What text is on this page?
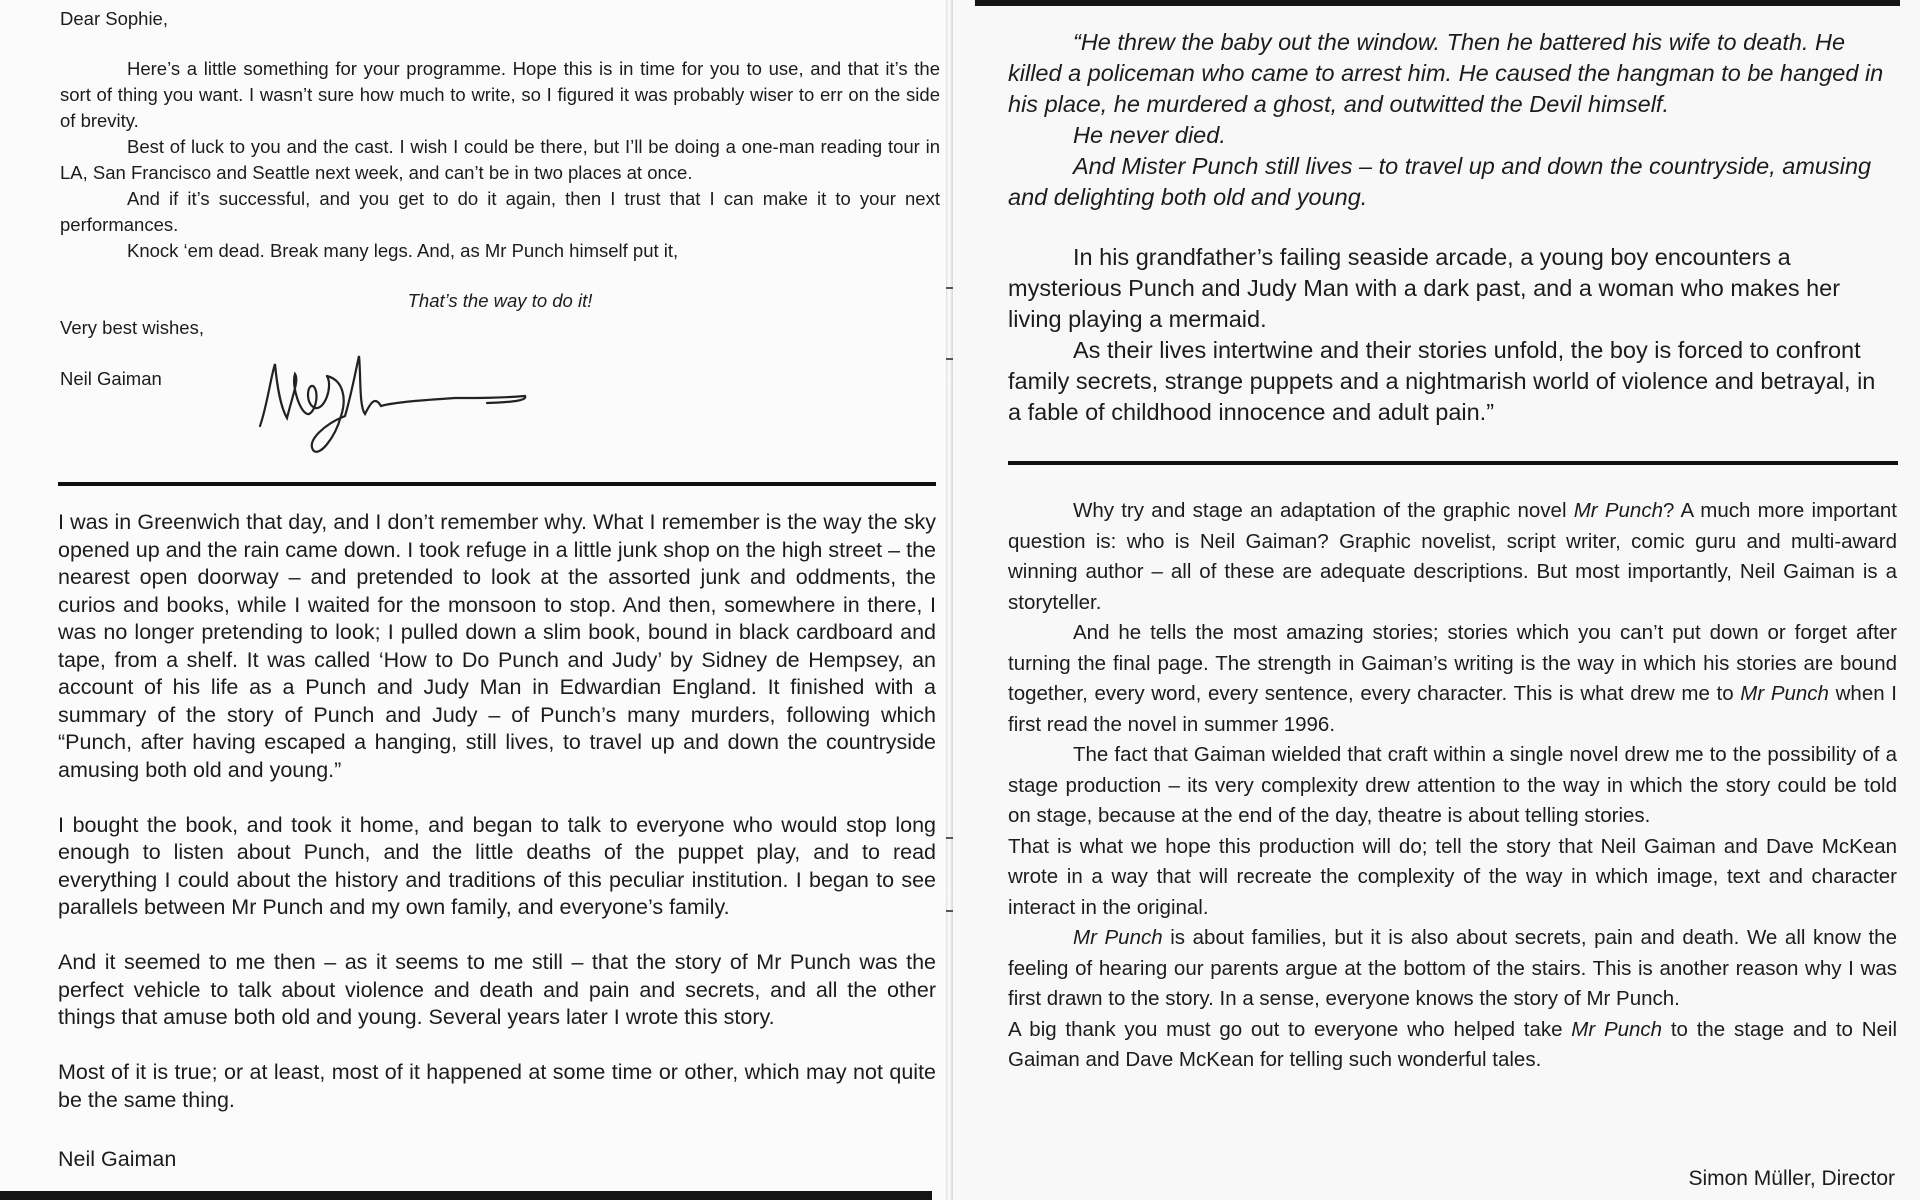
Dear Sophie,

Here’s a little something for your programme. Hope this is in time for you to use, and that it’s the sort of thing you want. I wasn’t sure how much to write, so I figured it was probably wiser to err on the side of brevity.

Best of luck to you and the cast. I wish I could be there, but I’ll be doing a one-man reading tour in LA, San Francisco and Seattle next week, and can’t be in two places at once.

And if it’s successful, and you get to do it again, then I trust that I can make it to your next performances.

Knock ‘em dead. Break many legs. And, as Mr Punch himself put it,

That’s the way to do it!
Very best wishes,
Neil Gaiman

I was in Greenwich that day, and I don’t remember why. What I remember is the way the sky opened up and the rain came down. I took refuge in a little junk shop on the high street – the nearest open doorway – and pretended to look at the assorted junk and oddments, the curios and books, while I waited for the monsoon to stop. And then, somewhere in there, I was no longer pretending to look; I pulled down a slim book, bound in black cardboard and tape, from a shelf. It was called ‘How to Do Punch and Judy’ by Sidney de Hempsey, an account of his life as a Punch and Judy Man in Edwardian England. It finished with a summary of the story of Punch and Judy – of Punch’s many murders, following which “Punch, after having escaped a hanging, still lives, to travel up and down the countryside amusing both old and young.”

I bought the book, and took it home, and began to talk to everyone who would stop long enough to listen about Punch, and the little deaths of the puppet play, and to read everything I could about the history and traditions of this peculiar institution. I began to see parallels between Mr Punch and my own family, and everyone’s family.

And it seemed to me then – as it seems to me still – that the story of Mr Punch was the perfect vehicle to talk about violence and death and pain and secrets, and all the other things that amuse both old and young. Several years later I wrote this story.

Most of it is true; or at least, most of it happened at some time or other, which may not quite be the same thing.

Neil Gaiman

“He threw the baby out the window. Then he battered his wife to death. He killed a policeman who came to arrest him. He caused the hangman to be hanged in his place, he murdered a ghost, and outwitted the Devil himself.

He never died.

And Mister Punch still lives – to travel up and down the countryside, amusing and delighting both old and young.

In his grandfather’s failing seaside arcade, a young boy encounters a mysterious Punch and Judy Man with a dark past, and a woman who makes her living playing a mermaid.

As their lives intertwine and their stories unfold, the boy is forced to confront family secrets, strange puppets and a nightmarish world of violence and betrayal, in a fable of childhood innocence and adult pain.”

Why try and stage an adaptation of the graphic novel Mr Punch? A much more important question is: who is Neil Gaiman? Graphic novelist, script writer, comic guru and multi-award winning author – all of these are adequate descriptions. But most importantly, Neil Gaiman is a storyteller.

And he tells the most amazing stories; stories which you can’t put down or forget after turning the final page. The strength in Gaiman’s writing is the way in which his stories are bound together, every word, every sentence, every character. This is what drew me to Mr Punch when I first read the novel in summer 1996.

The fact that Gaiman wielded that craft within a single novel drew me to the possibility of a stage production – its very complexity drew attention to the way in which the story could be told on stage, because at the end of the day, theatre is about telling stories.

That is what we hope this production will do; tell the story that Neil Gaiman and Dave McKean wrote in a way that will recreate the complexity of the way in which image, text and character interact in the original.

Mr Punch is about families, but it is also about secrets, pain and death. We all know the feeling of hearing our parents argue at the bottom of the stairs. This is another reason why I was first drawn to the story. In a sense, everyone knows the story of Mr Punch.

A big thank you must go out to everyone who helped take Mr Punch to the stage and to Neil Gaiman and Dave McKean for telling such wonderful tales.

Simon Müller, Director
